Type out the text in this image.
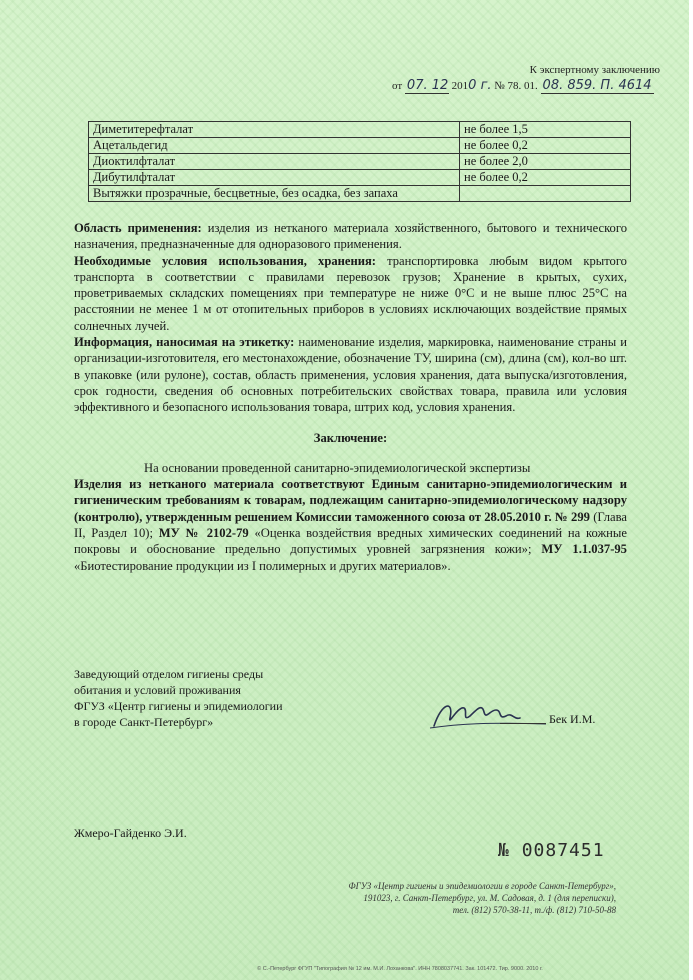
К экспертному заключению
от 07. 12 2010 г. № 78. 01. 08. 859. П. 4614
Диметитерефталат	не более 1,5
Ацетальдегид	не более 0,2
Диоктилфталат	не более 2,0
Дибутилфталат	не более 0,2
Вытяжки прозрачные, бесцветные, без осадка, без запаха	

Область применения: изделия из нетканого материала хозяйственного, бытового и технического назначения, предназначенные для одноразового применения.

Необходимые условия использования, хранения: транспортировка любым видом крытого транспорта в соответствии с правилами перевозок грузов; Хранение в крытых, сухих, проветриваемых складских помещениях при температуре не ниже 0°С и не выше плюс 25°С на расстоянии не менее 1 м от отопительных приборов в условиях исключающих воздействие прямых солнечных лучей.

Информация, наносимая на этикетку: наименование изделия, маркировка, наименование страны и организации-изготовителя, его местонахождение, обозначение ТУ, ширина (см), длина (см), кол-во шт. в упаковке (или рулоне), состав, область применения, условия хранения, дата выпуска/изготовления, срок годности, сведения об основных потребительских свойствах товара, правила или условия эффективного и безопасного использования товара, штрих код, условия хранения.

Заключение:

На основании проведенной санитарно-эпидемиологической экспертизы

Изделия из нетканого материала соответствуют Единым санитарно-эпидемиологическим и гигиеническим требованиям к товарам, подлежащим санитарно-эпидемиологическому надзору (контролю), утвержденным решением Комиссии таможенного союза от 28.05.2010 г. № 299 (Глава II, Раздел 10); МУ № 2102-79 «Оценка воздействия вредных химических соединений на кожные покровы и обоснование предельно допустимых уровней загрязнения кожи»; МУ 1.1.037-95 «Биотестирование продукции из I полимерных и других материалов».

Заведующий отделом гигиены среды
обитания и условий проживания
ФГУЗ «Центр гигиены и эпидемиологии
в городе Санкт-Петербург»	Бек И.М.
Жмеро-Гайденко Э.И.
№ 0087451
ФГУЗ «Центр гигиены и эпидемиологии в городе Санкт-Петербург»,
191023, г. Санкт-Петербург, ул. М. Садовая, д. 1 (для переписки),
тел. (812) 570-38-11, т./ф. (812) 710-50-88
© С.-Петербург ФГУП "Типография № 12 им. М.И. Лоханкова". ИНН 7808037741. Зак. 101472. Тир. 9000. 2010 г.
